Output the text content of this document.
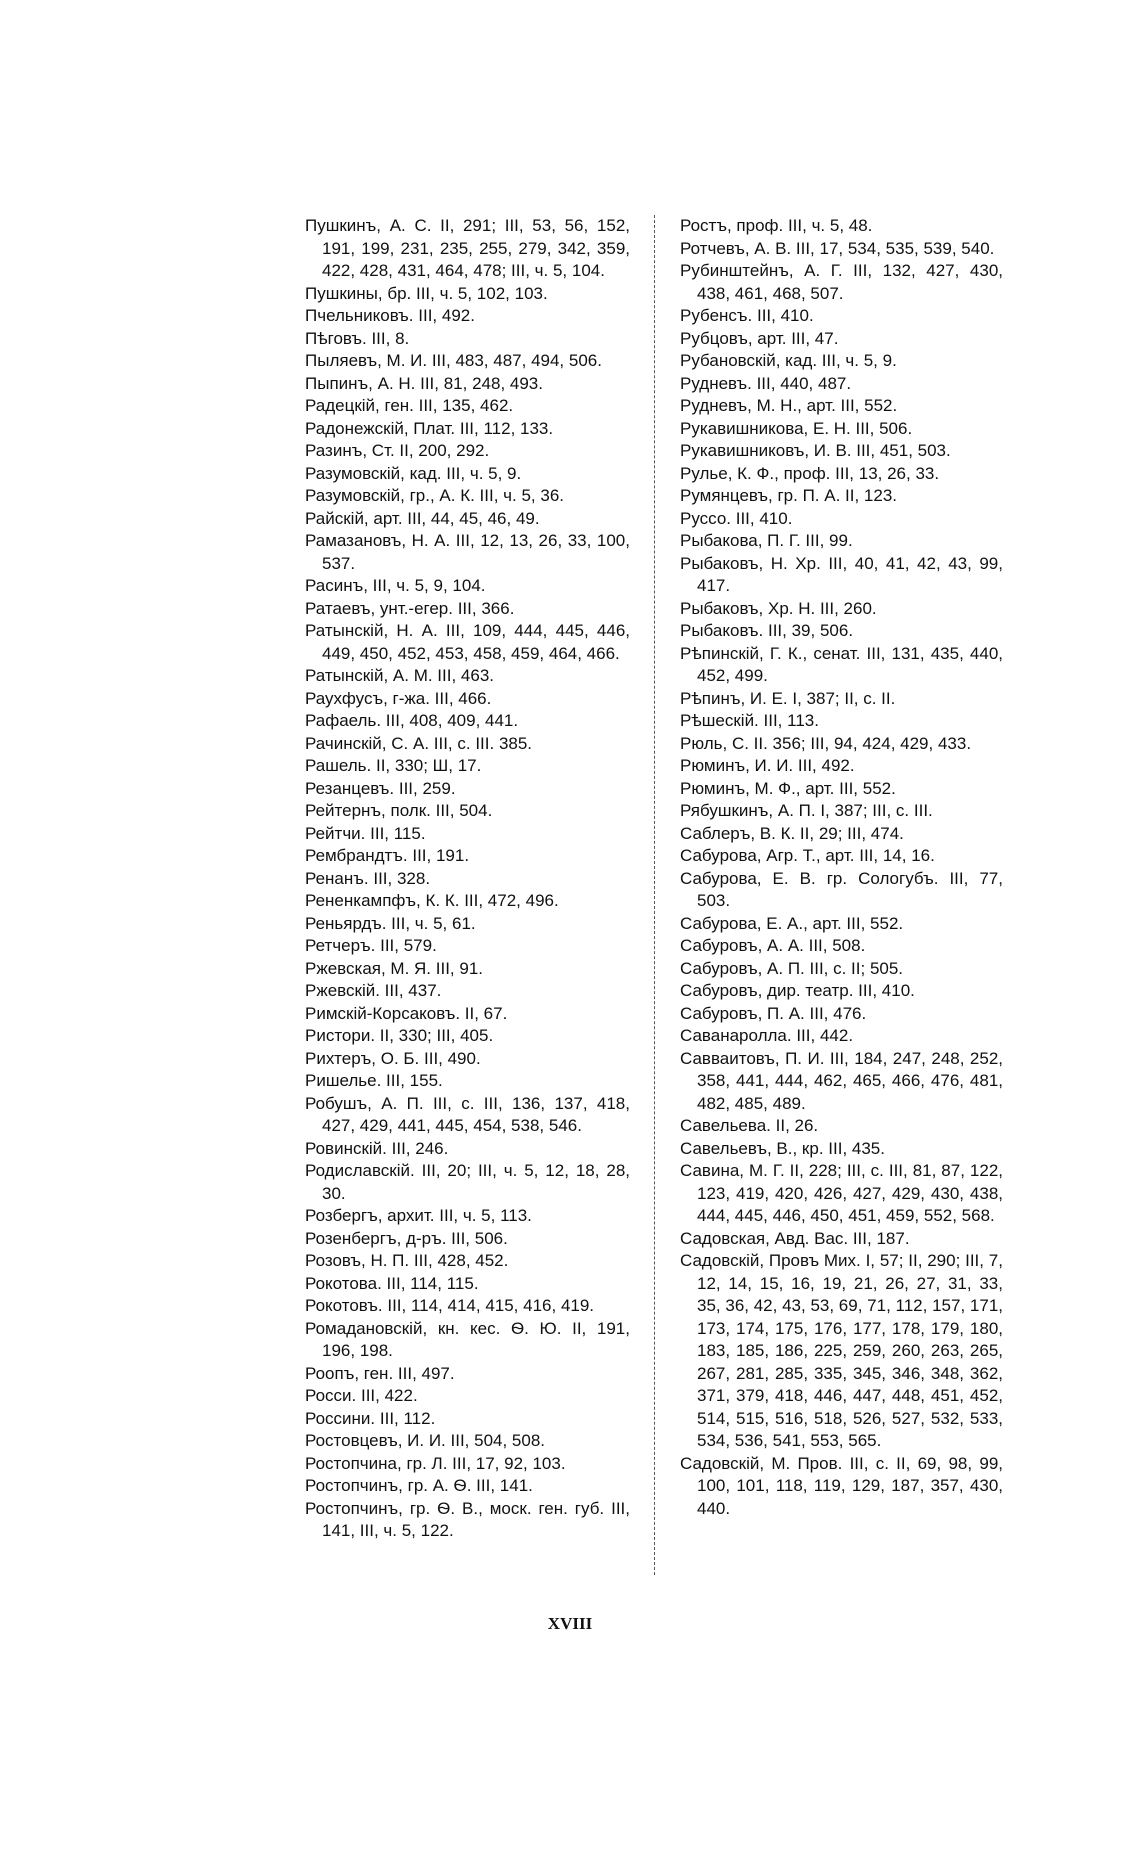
Пушкинъ, А. С. II, 291; III, 53, 56, 152, 191, 199, 231, 235, 255, 279, 342, 359, 422, 428, 431, 464, 478; III, ч. 5, 104.

Пушкины, бр. III, ч. 5, 102, 103.

Пчельниковъ. III, 492.

Пѣговъ. III, 8.

Пыляевъ, М. И. III, 483, 487, 494, 506.

Пыпинъ, А. Н. III, 81, 248, 493.

Радецкій, ген. III, 135, 462.

Радонежскій, Плат. III, 112, 133.

Разинъ, Ст. II, 200, 292.

Разумовскій, кад. III, ч. 5, 9.

Разумовскій, гр., А. К. III, ч. 5, 36.

Райскій, арт. III, 44, 45, 46, 49.

Рамазановъ, Н. А. III, 12, 13, 26, 33, 100, 537.

Расинъ, III, ч. 5, 9, 104.

Ратаевъ, унт.-егер. III, 366.

Ратынскій, Н. А. III, 109, 444, 445, 446, 449, 450, 452, 453, 458, 459, 464, 466.

Ратынскій, А. М. III, 463.

Раухфусъ, г-жа. III, 466.

Рафаель. III, 408, 409, 441.

Рачинскій, С. А. III, с. III. 385.

Рашель. II, 330; Ш, 17.

Резанцевъ. III, 259.

Рейтернъ, полк. III, 504.

Рейтчи. III, 115.

Рембрандтъ. III, 191.

Ренанъ. III, 328.

Рененкампфъ, К. К. III, 472, 496.

Реньярдъ. III, ч. 5, 61.

Ретчеръ. III, 579.

Ржевская, М. Я. III, 91.

Ржевскій. III, 437.

Римскій-Корсаковъ. II, 67.

Ристори. II, 330; III, 405.

Рихтеръ, О. Б. III, 490.

Ришелье. III, 155.

Робушъ, А. П. III, с. III, 136, 137, 418, 427, 429, 441, 445, 454, 538, 546.

Ровинскій. III, 246.

Родиславскій. III, 20; III, ч. 5, 12, 18, 28, 30.

Розбергъ, архит. III, ч. 5, 113.

Розенбергъ, д-ръ. III, 506.

Розовъ, Н. П. III, 428, 452.

Рокотова. III, 114, 115.

Рокотовъ. III, 114, 414, 415, 416, 419.

Ромадановскій, кн. кес. Ѳ. Ю. II, 191, 196, 198.

Роопъ, ген. III, 497.

Росси. III, 422.

Россини. III, 112.

Ростовцевъ, И. И. III, 504, 508.

Ростопчина, гр. Л. III, 17, 92, 103.

Ростопчинъ, гр. А. Ѳ. III, 141.

Ростопчинъ, гр. Ѳ. В., моск. ген. губ. III, 141, III, ч. 5, 122.

Ростъ, проф. III, ч. 5, 48.

Ротчевъ, А. В. III, 17, 534, 535, 539, 540.

Рубинштейнъ, А. Г. III, 132, 427, 430, 438, 461, 468, 507.

Рубенсъ. III, 410.

Рубцовъ, арт. III, 47.

Рубановскій, кад. III, ч. 5, 9.

Рудневъ. III, 440, 487.

Рудневъ, М. Н., арт. III, 552.

Рукавишникова, Е. Н. III, 506.

Рукавишниковъ, И. В. III, 451, 503.

Рулье, К. Ф., проф. III, 13, 26, 33.

Румянцевъ, гр. П. А. II, 123.

Руссо. III, 410.

Рыбакова, П. Г. III, 99.

Рыбаковъ, Н. Хр. III, 40, 41, 42, 43, 99, 417.

Рыбаковъ, Хр. Н. III, 260.

Рыбаковъ. III, 39, 506.

Рѣпинскій, Г. К., сенат. III, 131, 435, 440, 452, 499.

Рѣпинъ, И. Е. I, 387; II, с. II.

Рѣшескій. III, 113.

Рюль, С. II. 356; III, 94, 424, 429, 433.

Рюминъ, И. И. III, 492.

Рюминъ, М. Ф., арт. III, 552.

Рябушкинъ, А. П. I, 387; III, с. III.

Саблеръ, В. К. II, 29; III, 474.

Сабурова, Агр. Т., арт. III, 14, 16.

Сабурова, Е. В. гр. Сологубъ. III, 77, 503.

Сабурова, Е. А., арт. III, 552.

Сабуровъ, А. А. III, 508.

Сабуровъ, А. П. III, с. II; 505.

Сабуровъ, дир. театр. III, 410.

Сабуровъ, П. А. III, 476.

Саванаролла. III, 442.

Савваитовъ, П. И. III, 184, 247, 248, 252, 358, 441, 444, 462, 465, 466, 476, 481, 482, 485, 489.

Савельева. II, 26.

Савельевъ, В., кр. III, 435.

Савина, М. Г. II, 228; III, с. III, 81, 87, 122, 123, 419, 420, 426, 427, 429, 430, 438, 444, 445, 446, 450, 451, 459, 552, 568.

Садовская, Авд. Вас. III, 187.

Садовскій, Провъ Мих. I, 57; II, 290; III, 7, 12, 14, 15, 16, 19, 21, 26, 27, 31, 33, 35, 36, 42, 43, 53, 69, 71, 112, 157, 171, 173, 174, 175, 176, 177, 178, 179, 180, 183, 185, 186, 225, 259, 260, 263, 265, 267, 281, 285, 335, 345, 346, 348, 362, 371, 379, 418, 446, 447, 448, 451, 452, 514, 515, 516, 518, 526, 527, 532, 533, 534, 536, 541, 553, 565.

Садовскій, М. Пров. III, с. II, 69, 98, 99, 100, 101, 118, 119, 129, 187, 357, 430, 440.

XVIII
